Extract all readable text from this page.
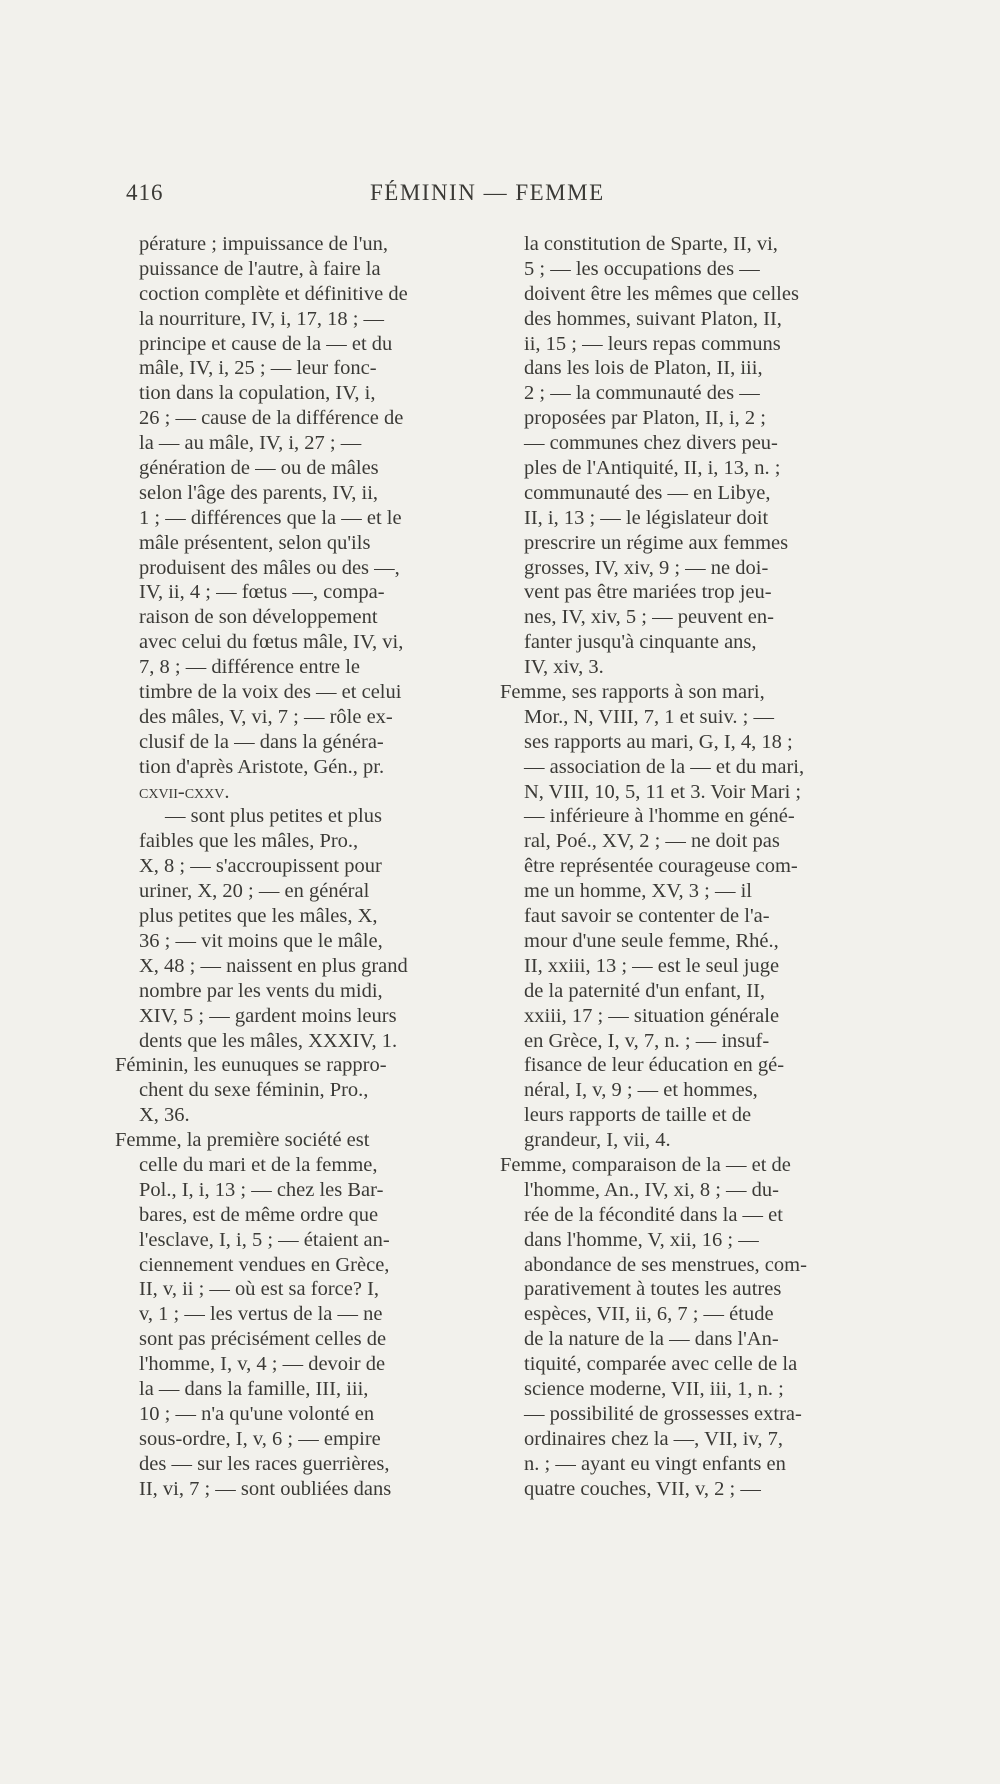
416	FÉMININ — FEMME
pérature ; impuissance de l'un,
puissance de l'autre, à faire la
coction complète et définitive de
la nourriture, IV, i, 17, 18 ; —
principe et cause de la — et du
mâle, IV, i, 25 ; — leur fonc-
tion dans la copulation, IV, i,
26 ; — cause de la différence de
la — au mâle, IV, i, 27 ; —
génération de — ou de mâles
selon l'âge des parents, IV, ii,
1 ; — différences que la — et le
mâle présentent, selon qu'ils
produisent des mâles ou des —,
IV, ii, 4 ; — fœtus —, compa-
raison de son développement
avec celui du fœtus mâle, IV, vi,
7, 8 ; — différence entre le
timbre de la voix des — et celui
des mâles, V, vi, 7 ; — rôle ex-
clusif de la — dans la généra-
tion d'après Aristote, Gén., pr.
cxvii-cxxv.
— sont plus petites et plus
faibles que les mâles, Pro.,
X, 8 ; — s'accroupissent pour
uriner, X, 20 ; — en général
plus petites que les mâles, X,
36 ; — vit moins que le mâle,
X, 48 ; — naissent en plus grand
nombre par les vents du midi,
XIV, 5 ; — gardent moins leurs
dents que les mâles, XXXIV, 1.
Féminin, les eunuques se rappro-
chent du sexe féminin, Pro.,
X, 36.
Femme, la première société est
celle du mari et de la femme,
Pol., I, i, 13 ; — chez les Bar-
bares, est de même ordre que
l'esclave, I, i, 5 ; — étaient an-
ciennement vendues en Grèce,
II, v, ii ; — où est sa force? I,
v, 1 ; — les vertus de la — ne
sont pas précisément celles de
l'homme, I, v, 4 ; — devoir de
la — dans la famille, III, iii,
10 ; — n'a qu'une volonté en
sous-ordre, I, v, 6 ; — empire
des — sur les races guerrières,
II, vi, 7 ; — sont oubliées dans
la constitution de Sparte, II, vi,
5 ; — les occupations des —
doivent être les mêmes que celles
des hommes, suivant Platon, II,
ii, 15 ; — leurs repas communs
dans les lois de Platon, II, iii,
2 ; — la communauté des —
proposées par Platon, II, i, 2 ;
— communes chez divers peu-
ples de l'Antiquité, II, i, 13, n. ;
communauté des — en Libye,
II, i, 13 ; — le législateur doit
prescrire un régime aux femmes
grosses, IV, xiv, 9 ; — ne doi-
vent pas être mariées trop jeu-
nes, IV, xiv, 5 ; — peuvent en-
fanter jusqu'à cinquante ans,
IV, xiv, 3.
Femme, ses rapports à son mari,
Mor., N, VIII, 7, 1 et suiv. ; —
ses rapports au mari, G, I, 4, 18 ;
— association de la — et du mari,
N, VIII, 10, 5, 11 et 3. Voir Mari ;
— inférieure à l'homme en géné-
ral, Poé., XV, 2 ; — ne doit pas
être représentée courageuse com-
me un homme, XV, 3 ; — il
faut savoir se contenter de l'a-
mour d'une seule femme, Rhé.,
II, xxiii, 13 ; — est le seul juge
de la paternité d'un enfant, II,
xxiii, 17 ; — situation générale
en Grèce, I, v, 7, n. ; — insuf-
fisance de leur éducation en gé-
néral, I, v, 9 ; — et hommes,
leurs rapports de taille et de
grandeur, I, vii, 4.
Femme, comparaison de la — et de
l'homme, An., IV, xi, 8 ; — du-
rée de la fécondité dans la — et
dans l'homme, V, xii, 16 ; —
abondance de ses menstrues, com-
parativement à toutes les autres
espèces, VII, ii, 6, 7 ; — étude
de la nature de la — dans l'An-
tiquité, comparée avec celle de la
science moderne, VII, iii, 1, n. ;
— possibilité de grossesses extra-
ordinaires chez la —, VII, iv, 7,
n. ; — ayant eu vingt enfants en
quatre couches, VII, v, 2 ; —
